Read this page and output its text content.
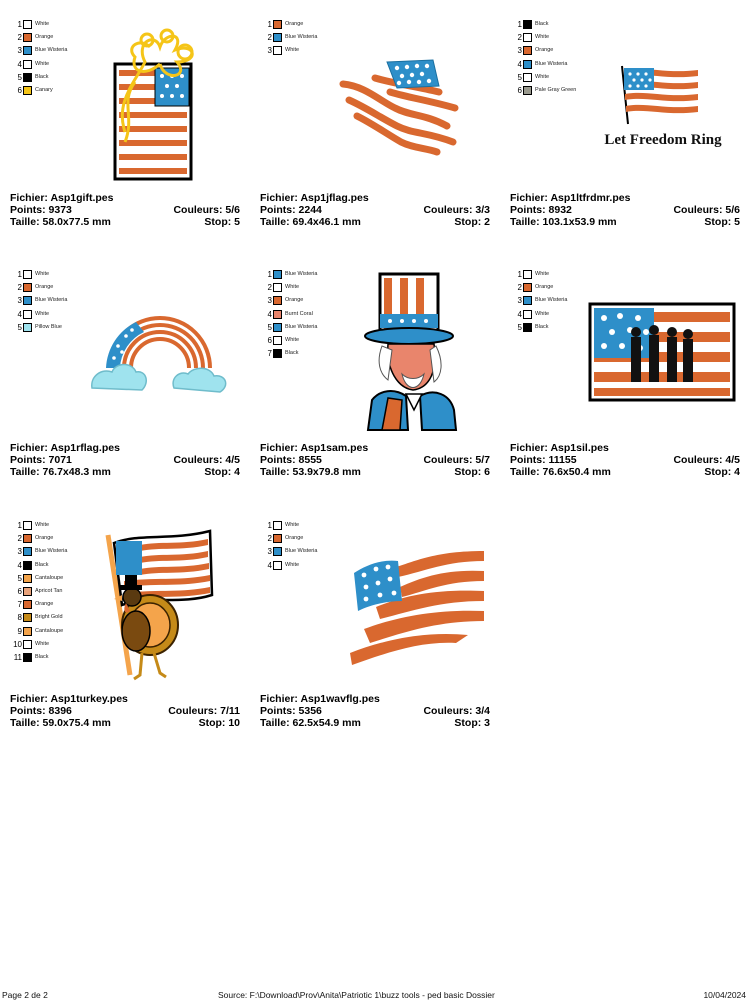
1 White
2 Orange
3 Blue Wisteria
4 White
5 Black
6 Canary
Fichier: Asp1gift.pes
Points: 9373	Couleurs: 5/6
Taille: 58.0x77.5 mm	Stop: 5
1 Orange
2 Blue Wisteria
3 White
Fichier: Asp1jflag.pes
Points: 2244	Couleurs: 3/3
Taille: 69.4x46.1 mm	Stop: 2
1 Black
2 White
3 Orange
4 Blue Wisteria
5 White
6 Pale Gray Green
Let Freedom Ring
Fichier: Asp1ltfrdmr.pes
Points: 8932	Couleurs: 5/6
Taille: 103.1x53.9 mm	Stop: 5
1 White
2 Orange
3 Blue Wisteria
4 White
5 Pillow Blue
Fichier: Asp1rflag.pes
Points: 7071	Couleurs: 4/5
Taille: 76.7x48.3 mm	Stop: 4
1 Blue Wisteria
2 White
3 Orange
4 Burnt Coral
5 Blue Wisteria
6 White
7 Black
Fichier: Asp1sam.pes
Points: 8555	Couleurs: 5/7
Taille: 53.9x79.8 mm	Stop: 6
1 White
2 Orange
3 Blue Wisteria
4 White
5 Black
Fichier: Asp1sil.pes
Points: 11155	Couleurs: 4/5
Taille: 76.6x50.4 mm	Stop: 4
1 White
2 Orange
3 Blue Wisteria
4 Black
5 Cantaloupe
6 Apricot Tan
7 Orange
8 Bright Gold
9 Cantaloupe
10 White
11 Black
Fichier: Asp1turkey.pes
Points: 8396	Couleurs: 7/11
Taille: 59.0x75.4 mm	Stop: 10
1 White
2 Orange
3 Blue Wisteria
4 White
Fichier: Asp1wavflg.pes
Points: 5356	Couleurs: 3/4
Taille: 62.5x54.9 mm	Stop: 3
Page 2 de 2	Source: F:\Download\Prov\Anita\Patriotic 1\buzz tools - ped basic Dossier	10/04/2024
